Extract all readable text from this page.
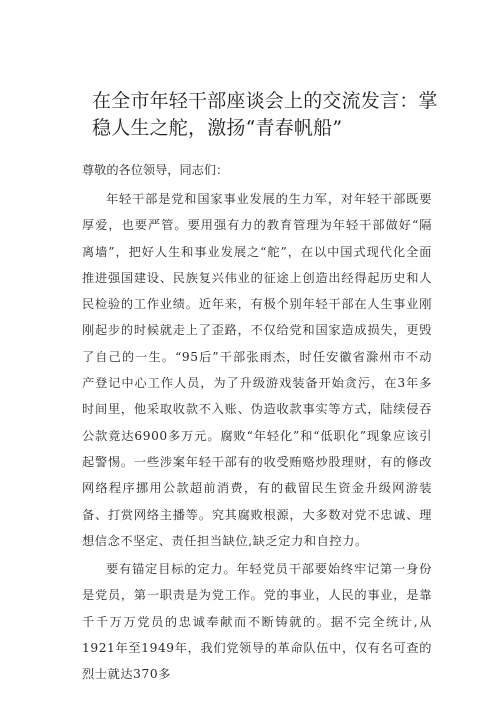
在全市年轻干部座谈会上的交流发言：掌
稳人生之舵，激扬“青春帆船”
尊敬的各位领导，同志们：

年轻干部是党和国家事业发展的生力军，对年轻干部既要厚爱，也要严管。要用强有力的教育管理为年轻干部做好“隔离墙”，把好人生和事业发展之“舵”，在以中国式现代化全面推进强国建设、民族复兴伟业的征途上创造出经得起历史和人民检验的工作业绩。近年来，有极个别年轻干部在人生事业刚刚起步的时候就走上了歪路，不仅给党和国家造成损失，更毁了自己的一生。“95后”干部张雨杰，时任安徽省滁州市不动产登记中心工作人员，为了升级游戏装备开始贪污，在3年多时间里，他采取收款不入账、伪造收款事实等方式，陆续侵吞公款竟达6900多万元。腐败“年轻化”和“低职化”现象应该引起警惕。一些涉案年轻干部有的收受贿赂炒股理财，有的修改网络程序挪用公款超前消费，有的截留民生资金升级网游装备、打赏网络主播等。究其腐败根源，大多数对党不忠诚、理想信念不坚定、责任担当缺位,缺乏定力和自控力。

要有锚定目标的定力。年轻党员干部要始终牢记第一身份是党员，第一职责是为党工作。党的事业，人民的事业，是靠千千万万党员的忠诚奉献而不断铸就的。据不完全统计,从1921年至1949年，我们党领导的革命队伍中，仅有名可查的烈士就达370多
